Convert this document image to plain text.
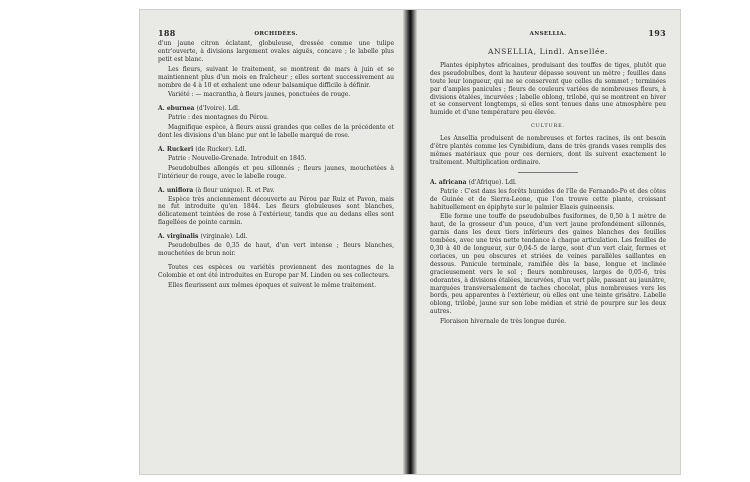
188	ORCHIDÉES.

d'un jaune citron éclatant, globuleuse, dressée comme une tulipe entr'ouverte, à divisions largement ovales aiguës, concave ; le labelle plus petit est blanc.

Les fleurs, suivant le traitement, se montrent de mars à juin et se maintiennent plus d'un mois en fraîcheur ; elles sortent successivement au nombre de 4 à 10 et exhalent une odeur balsamique difficile à définir.

Variété : — macrantha, à fleurs jaunes, ponctuées de rouge.

A. eburnea (d'Ivoire). Ldl.

Patrie : des montagnes du Pérou.

Magnifique espèce, à fleurs aussi grandes que celles de la précédente et dont les divisions d'un blanc pur ont le labelle marqué de rose.

A. Ruckeri (de Rucker). Ldl.

Patrie : Nouvelle-Grenade. Introduit en 1845.

Pseudobulbes allongés et peu sillonnés ; fleurs jaunes, mouchetées à l'intérieur de rouge, avec le labelle rouge.

A. uniflora (à fleur unique). R. et Pav.

Espèce très anciennement découverte au Pérou par Ruiz et Pavon, mais ne fut introduite qu'en 1844. Les fleurs globuleuses sont blanches, délicatement teintées de rose à l'extérieur, tandis que au dedans elles sont flagellées de pointe carmin.

A. virginalis (virginale). Ldl.

Pseudobulbes de 0,35 de haut, d'un vert intense ; fleurs blanches, mouchetées de brun noir.

Toutes ces espèces ou variétés proviennent des montagnes de la Colombie et ont été introduites en Europe par M. Linden ou ses collecteurs.

Elles fleurissent aux mêmes époques et suivent le même traitement.

ANSELLIA.	193

ANSELLIA, Lindl. Ansellée.

Plantes épiphytes africaines, produisant des touffes de tiges, plutôt que des pseudobulbes, dont la hauteur dépasse souvent un mètre ; feuilles dans toute leur longueur, qui ne se conservent que celles du sommet ; terminées par d'amples panicules ; fleurs de couleurs variées de nombreuses fleurs, à divisions étalées, incurvées ; labelle oblong, trilobé, qui se montrent en hiver et se conservent longtemps, si elles sont tenues dans une atmosphère peu humide et d'une température peu élevée.

CULTURE.

Les Ansellia produisent de nombreuses et fortes racines, ils ont besoin d'être plantés comme les Cymbidium, dans de très grands vases remplis des mêmes matériaux que pour ces derniers, dont ils suivent exactement le traitement. Multiplication ordinaire.

A. africana (d'Afrique). Ldl.

Patrie : C'est dans les forêts humides de l'île de Fernando-Po et des côtes de Guinée et de Sierra-Leone, que l'on trouve cette plante, croissant habituellement en épiphyte sur le palmier Elaeis guineensis.

Elle forme une touffe de pseudobulbes fusiformes, de 0,50 à 1 mètre de haut, de la grosseur d'un pouce, d'un vert jaune profondément sillonnés, garnis dans les deux tiers inférieurs des gaines blanches des feuilles tombées, avec une très nette tendance à chaque articulation. Les feuilles de 0,30 à 40 de longueur, sur 0,04-5 de large, sont d'un vert clair, fermes et coriaces, un peu obscures et striées de veines parallèles saillantes en dessous. Panicule terminale, ramifiée dès la base, longue et inclinée gracieusement vers le sol ; fleurs nombreuses, larges de 0,05-6, très odorantes, à divisions étalées, incurvées, d'un vert pâle, passant au jaunâtre, marquées transversalement de taches chocolat, plus nombreuses vers les bords, peu apparentes à l'extérieur, où elles ont une teinte grisâtre. Labelle oblong, trilobé, jaune sur son lobe médian et strié de pourpre sur les deux autres.

Floraison hivernale de très longue durée.
